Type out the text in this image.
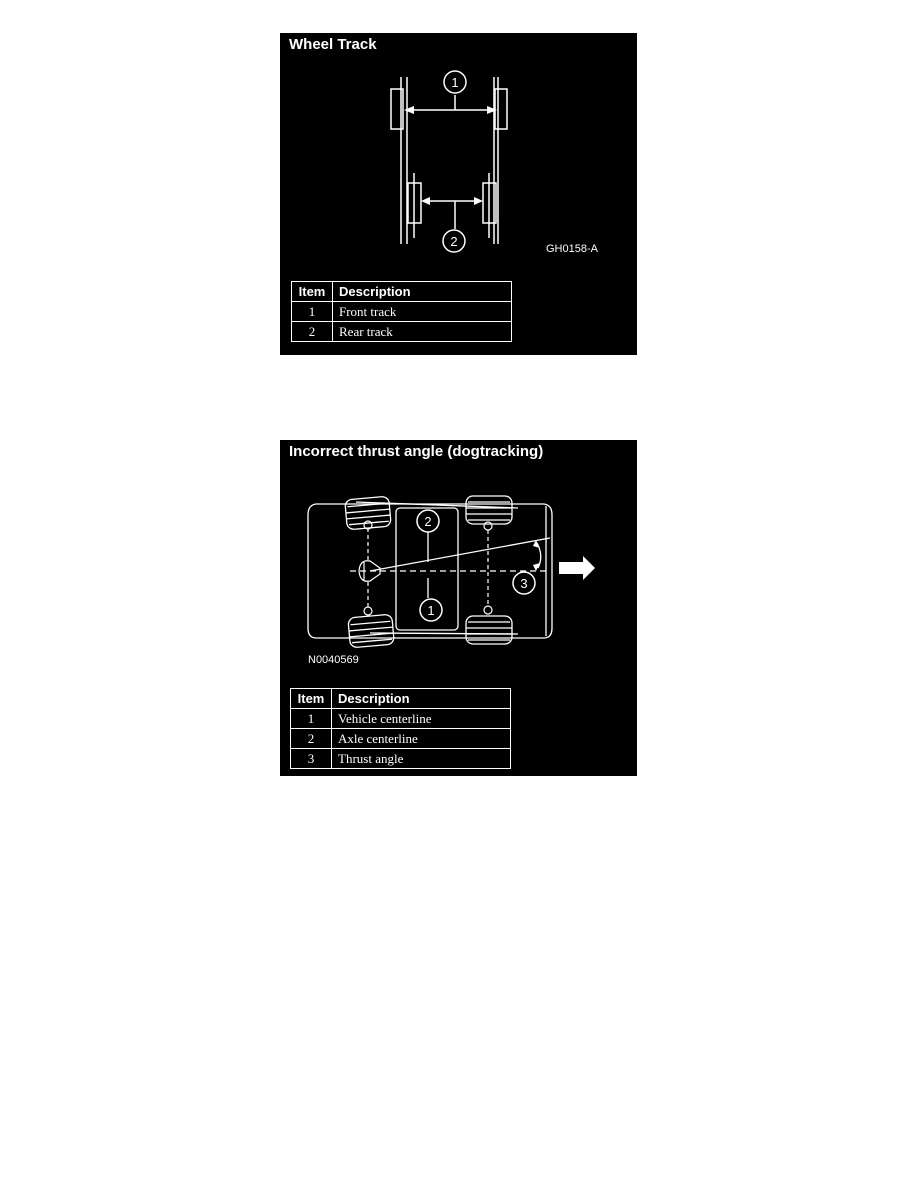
Wheel Track
1
2	GH0158-A
Item	Description
1	Front track
2	Rear track
Incorrect thrust angle (dogtracking)
2
1
3
N0040569
Item	Description
1	Vehicle centerline
2	Axle centerline
3	Thrust angle
